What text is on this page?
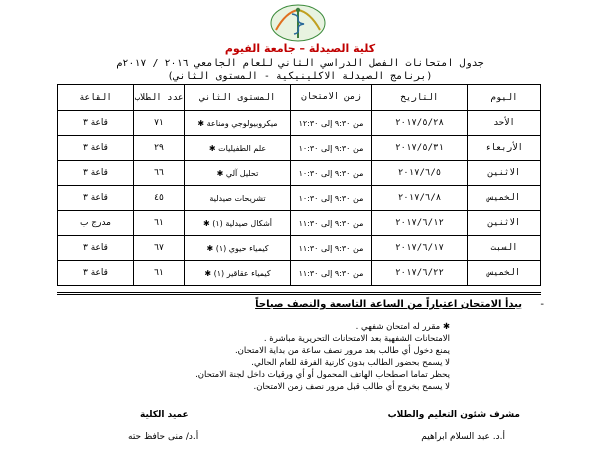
كلية الصيدلة – جامعة الفيوم
جدول امتحانات الفصل الدراسي الثاني للعام الجامعي ٢٠١٦ / ٢٠١٧م
(برنامج الصيدلة الاكلينيكية - المستوى الثاني)
اليوم	التاريخ	زمن الامتحان	المستوى الثاني	عدد الطلاب	القاعة
الأحد	٢٠١٧/٥/٢٨	من ٩:٣٠ إلى ١٢:٣٠	ميكروبيولوجي ومناعة ✱	٧١	قاعة ٣
الأربعاء	٢٠١٧/٥/٣١	من ٩:٣٠ إلى ١٠:٣٠	علم الطفيليات ✱	٢٩	قاعة ٣
الاثنين	٢٠١٧/٦/٥	من ٩:٣٠ إلى ١٠:٣٠	تحليل آلي ✱	٦٦	قاعة ٣
الخميس	٢٠١٧/٦/٨	من ٩:٣٠ إلى ١٠:٣٠	تشريحات صيدلية	٤٥	قاعة ٣
الاثنين	٢٠١٧/٦/١٢	من ٩:٣٠ إلى ١١:٣٠	أشكال صيدلية (١) ✱	٦١	مدرج ب
السبت	٢٠١٧/٦/١٧	من ٩:٣٠ إلى ١١:٣٠	كيمياء حيوي (١) ✱	٦٧	قاعة ٣
الخميس	٢٠١٧/٦/٢٢	من ٩:٣٠ إلى ١١:٣٠	كيمياء عقاقير (١) ✱	٦١	قاعة ٣
-
يبدأ الامتحان اعتباراً من الساعة التاسعة والنصف صباحاً
✱ مقرر له امتحان شفهي .
الامتحانات الشفهية بعد الامتحانات التحريرية مباشرة .
يمنع دخول أي طالب بعد مرور نصف ساعة من بداية الامتحان.
لا يسمح بحضور الطالب بدون كارنية الفرقة للعام الحالي.
يحظر تماما اصطحاب الهاتف المحمول أو أي ورقيات داخل لجنة الامتحان.
لا يسمح بخروج أي طالب قبل مرور نصف زمن الامتحان.
مشرف شئون التعليم والطلاب
أ.د. عبد السلام ابراهيم
عميد الكلية
أ.د/ منى حافظ حته
